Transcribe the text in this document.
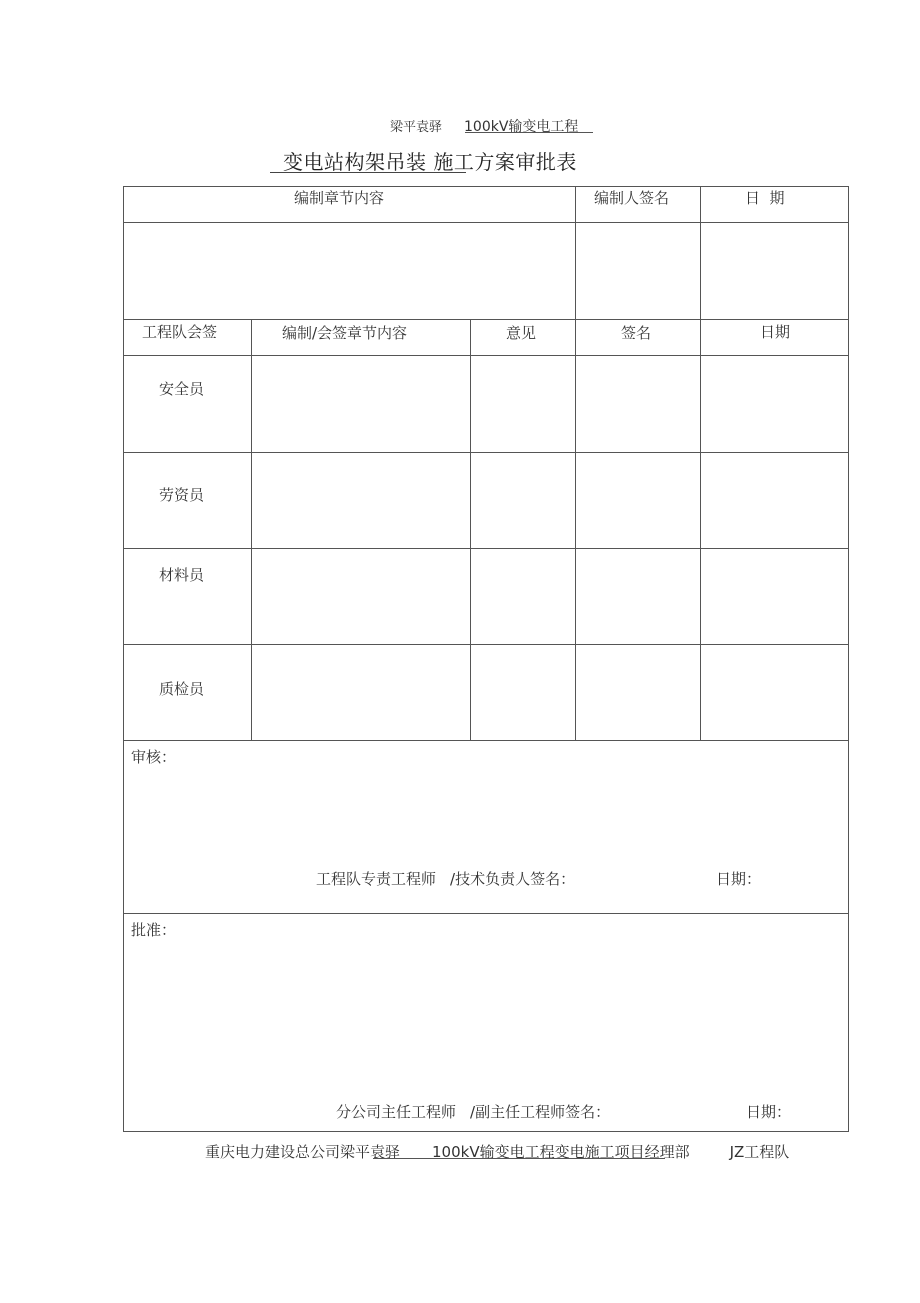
梁平袁驿 100kV输变电工程
变电站构架吊装 施工方案审批表
编制章节内容	编制人签名	日  期
工程队会签	编制/会签章节内容	意见	签名	日期
安全员
劳资员
材料员
质检员
审核：
工程队专责工程师 /技术负责人签名：	日期：
批准：
分公司主任工程师 /副主任工程师签名：	日期：
重庆电力建设总公司梁平袁驿 100kV输变电工程变电施工项目经理部	JZ工程队
